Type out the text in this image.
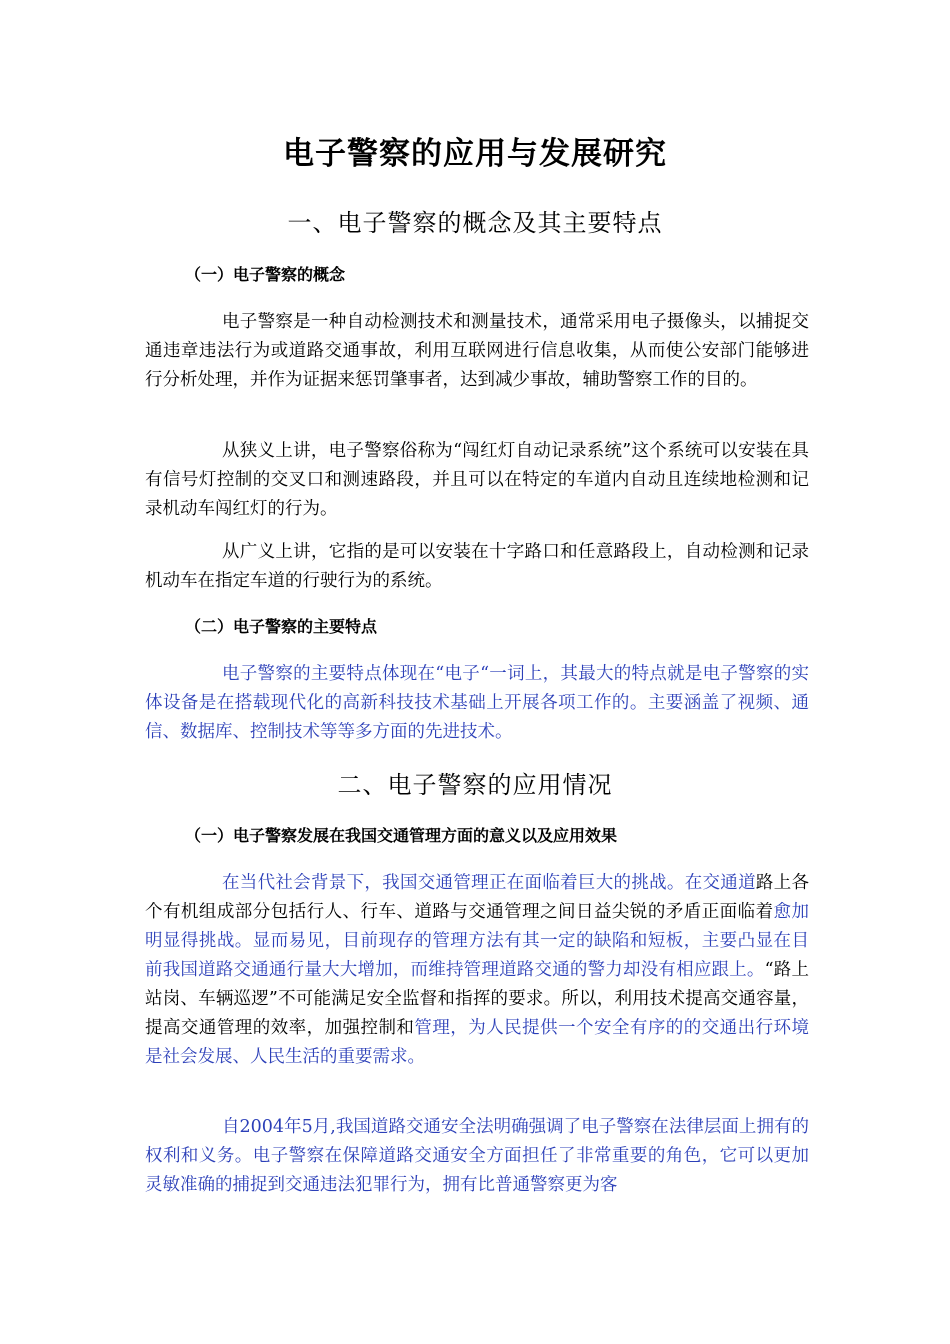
电子警察的应用与发展研究
一、电子警察的概念及其主要特点
（一）电子警察的概念

电子警察是一种自动检测技术和测量技术，通常采用电子摄像头，以捕捉交通违章违法行为或道路交通事故，利用互联网进行信息收集，从而使公安部门能够进行分析处理，并作为证据来惩罚肇事者，达到减少事故，辅助警察工作的目的。

从狭义上讲，电子警察俗称为“闯红灯自动记录系统”这个系统可以安装在具有信号灯控制的交叉口和测速路段，并且可以在特定的车道内自动且连续地检测和记录机动车闯红灯的行为。

从广义上讲，它指的是可以安装在十字路口和任意路段上，自动检测和记录机动车在指定车道的行驶行为的系统。

（二）电子警察的主要特点

电子警察的主要特点体现在“电子“一词上，其最大的特点就是电子警察的实体设备是在搭载现代化的高新科技技术基础上开展各项工作的。主要涵盖了视频、通信、数据库、控制技术等等多方面的先进技术。

二、电子警察的应用情况
（一）电子警察发展在我国交通管理方面的意义以及应用效果

在当代社会背景下，我国交通管理正在面临着巨大的挑战。在交通道路上各个有机组成部分包括行人、行车、道路与交通管理之间日益尖锐的矛盾正面临着愈加明显得挑战。显而易见，目前现存的管理方法有其一定的缺陷和短板，主要凸显在目前我国道路交通通行量大大增加，而维持管理道路交通的警力却没有相应跟上。“路上站岗、车辆巡逻”不可能满足安全监督和指挥的要求。所以，利用技术提高交通容量，提高交通管理的效率，加强控制和管理，为人民提供一个安全有序的的交通出行环境是社会发展、人民生活的重要需求。

自2004年5月,我国道路交通安全法明确强调了电子警察在法律层面上拥有的权利和义务。电子警察在保障道路交通安全方面担任了非常重要的角色，它可以更加灵敏准确的捕捉到交通违法犯罪行为，拥有比普通警察更为客
